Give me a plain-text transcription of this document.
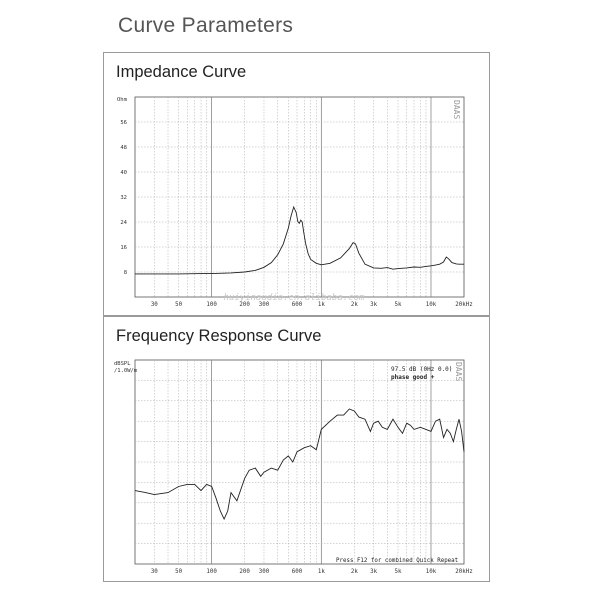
Curve Parameters
Impedance Curve
Ohm	DAAS
huiyinaudio.en.alibaba.com
8
16
24
32
40
48
56
30	50	100	200 300	600	1k	2k 3k	5k	10k	20kHz
Frequency Response Curve
dBSPL
/1.0W/m	DAAS
97.5 dB (0Hz 0.0)
phase good +
Press F12 for combined Quick Repeat
30	50	100	200 300	600	1k	2k 3k	5k	10k	20kHz
